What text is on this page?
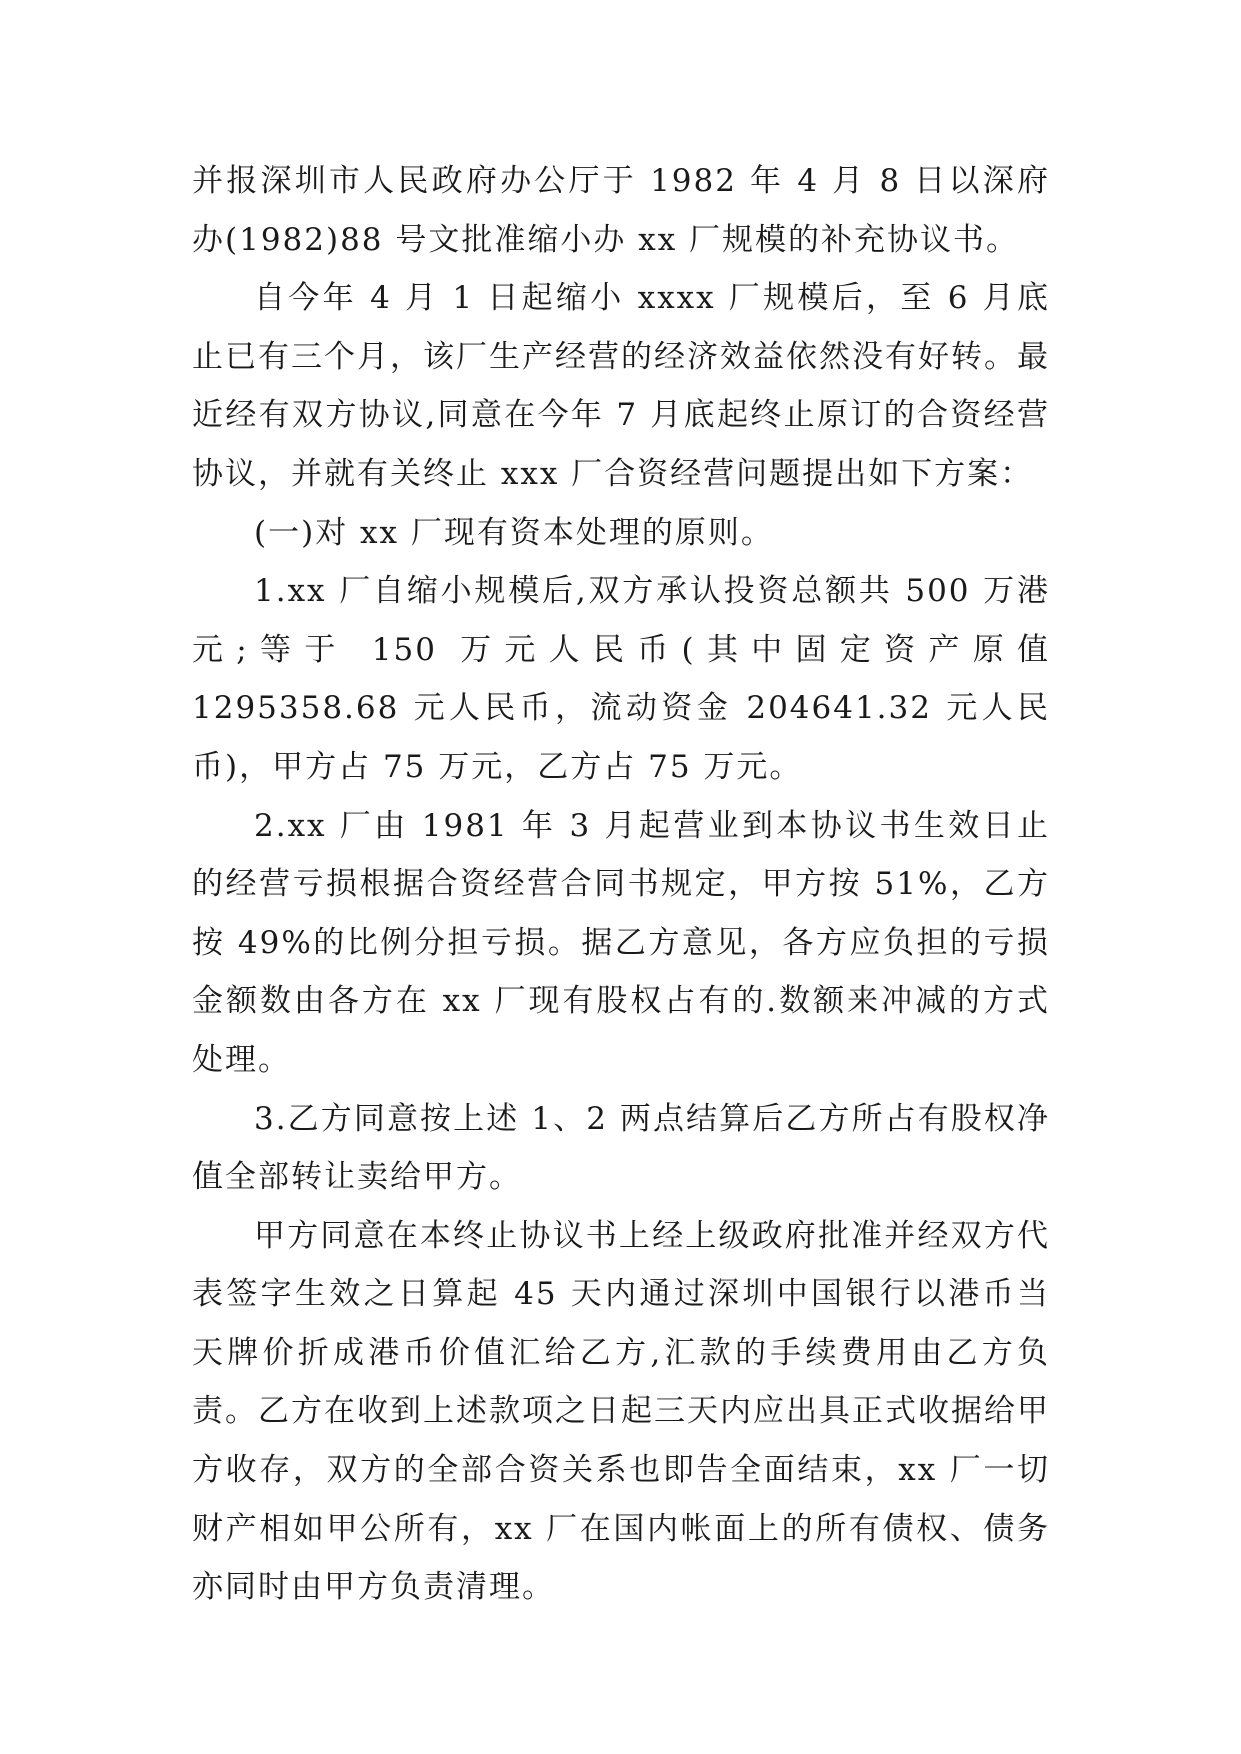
并报深圳市人民政府办公厅于 1982 年 4 月 8 日以深府办(1982)88 号文批准缩小办 xx 厂规模的补充协议书。

自今年 4 月 1 日起缩小 xxxx 厂规模后，至 6 月底止已有三个月，该厂生产经营的经济效益依然没有好转。最近经有双方协议,同意在今年 7 月底起终止原订的合资经营协议，并就有关终止 xxx 厂合资经营问题提出如下方案：

(一)对 xx 厂现有资本处理的原则。

1.xx 厂自缩小规模后,双方承认投资总额共 500 万港元;等于 150 万元人民币(其中固定资产原值 1295358.68 元人民币，流动资金 204641.32 元人民币)，甲方占 75 万元，乙方占 75 万元。

2.xx 厂由 1981 年 3 月起营业到本协议书生效日止的经营亏损根据合资经营合同书规定，甲方按 51%，乙方按 49%的比例分担亏损。据乙方意见，各方应负担的亏损金额数由各方在 xx 厂现有股权占有的.数额来冲减的方式处理。

3.乙方同意按上述 1、2 两点结算后乙方所占有股权净值全部转让卖给甲方。

甲方同意在本终止协议书上经上级政府批准并经双方代表签字生效之日算起 45 天内通过深圳中国银行以港币当天牌价折成港币价值汇给乙方,汇款的手续费用由乙方负责。乙方在收到上述款项之日起三天内应出具正式收据给甲方收存，双方的全部合资关系也即告全面结束，xx 厂一切财产相如甲公所有，xx 厂在国内帐面上的所有债权、债务亦同时由甲方负责清理。
